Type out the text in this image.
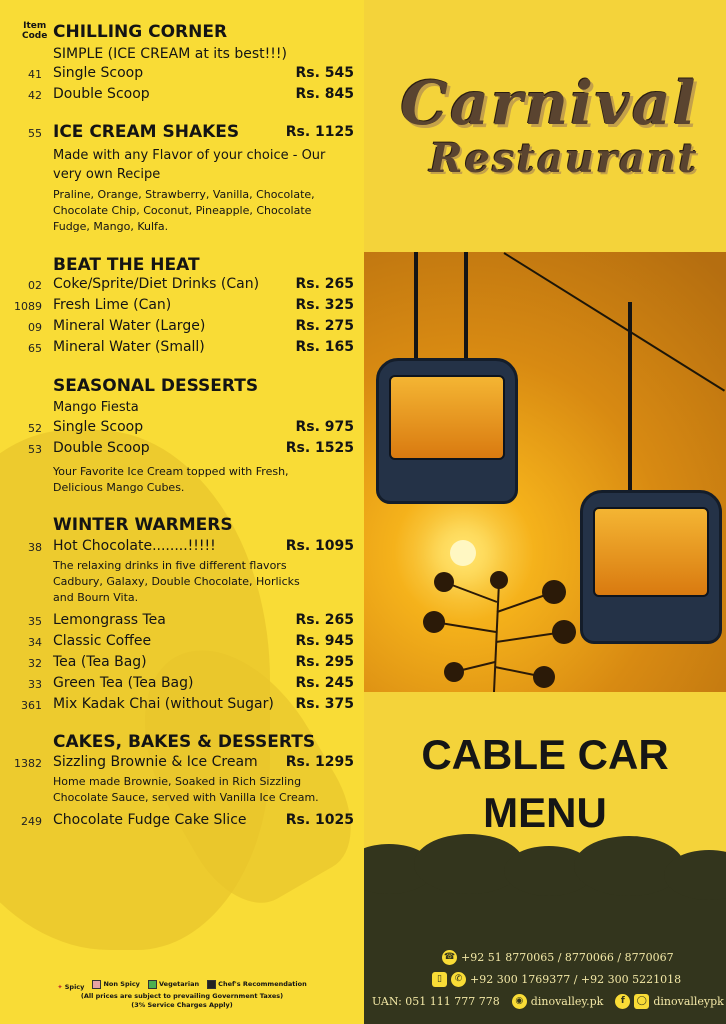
Item
Code CHILLING CORNER
SIMPLE (ICE CREAM at its best!!!)
41 Single Scoop	Rs. 545
42 Double Scoop	Rs. 845
55 ICE CREAM SHAKES	Rs. 1125
Made with any Flavor of your choice - Our very own Recipe
Praline, Orange, Strawberry, Vanilla, Chocolate, Chocolate Chip, Coconut, Pineapple, Chocolate Fudge, Mango, Kulfa.
BEAT THE HEAT
02 Coke/Sprite/Diet Drinks (Can)	Rs. 265
1089 Fresh Lime (Can)	Rs. 325
09 Mineral Water (Large)	Rs. 275
65 Mineral Water (Small)	Rs. 165
SEASONAL DESSERTS
Mango Fiesta
52 Single Scoop	Rs. 975
53 Double Scoop	Rs. 1525
Your Favorite Ice Cream topped with Fresh, Delicious Mango Cubes.
WINTER WARMERS
38 Hot Chocolate........!!!!!	Rs. 1095
The relaxing drinks in five different flavors Cadbury, Galaxy, Double Chocolate, Horlicks and Bourn Vita.
35 Lemongrass Tea	Rs. 265
34 Classic Coffee	Rs. 945
32 Tea (Tea Bag)	Rs. 295
33 Green Tea (Tea Bag)	Rs. 245
361 Mix Kadak Chai (without Sugar) Rs. 375
CAKES, BAKES & DESSERTS
1382 Sizzling Brownie & Ice Cream Rs. 1295
Home made Brownie, Soaked in Rich Sizzling Chocolate Sauce, served with Vanilla Ice Cream.
249 Chocolate Fudge Cake Slice	Rs. 1025
✦ Spicy
	Non Spicy
	Vegetarian
	Chef's Recommendation
(All prices are subject to prevailing Government Taxes)
(3% Service Charges Apply)
Carnival
Restaurant
CABLE CAR
MENU
☎ +92 51 8770065 / 8770066 / 8770067
▯	✆ +92 300 1769377 / +92 300 5221018
UAN: 051 111 777 778	◉ dinovalley.pk	f	◯ dinovalleypk
